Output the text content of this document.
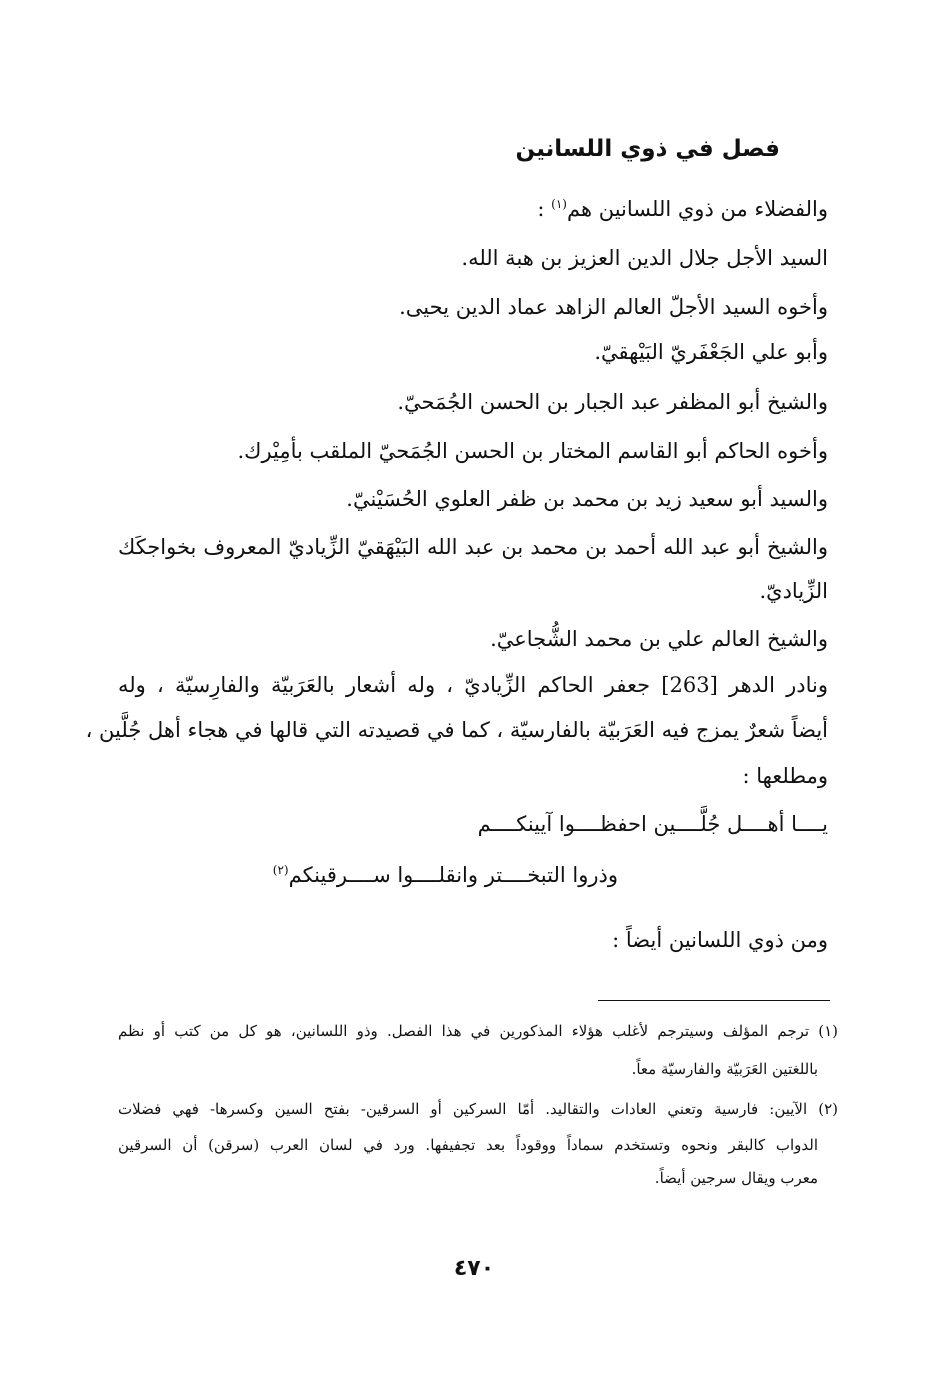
فصل في ذوي اللسانين
والفضلاء من ذوي اللسانين هم$^{(١)}$ :
السيد الأجل جلال الدين العزيز بن هبة الله.
وأخوه السيد الأجلّ العالم الزاهد عماد الدين يحيى.
وأبو علي الجَعْفَريّ البَيْهقيّ.
والشيخ أبو المظفر عبد الجبار بن الحسن الجُمَحيّ.
وأخوه الحاكم أبو القاسم المختار بن الحسن الجُمَحيّ الملقب بأمِيْرك.
والسيد أبو سعيد زيد بن محمد بن ظفر العلوي الحُسَيْنيّ.
والشيخ أبو عبد الله أحمد بن محمد بن عبد الله البَيْهَقيّ الزِّياديّ المعروف بخواجكَك
الزِّياديّ.
والشيخ العالم علي بن محمد الشُّجاعيّ.
ونادر الدهر [263] جعفر الحاكم الزِّياديّ ، وله أشعار بالعَرَبيّة والفارِسيّة ، وله
أيضاً شعرٌ يمزج فيه العَرَبيّة بالفارسيّة ، كما في قصيدته التي قالها في هجاء أهل جُلَّين ،
ومطلعها :
يــــا أهــــل جُلَّــــين احفظــــوا آيينكــــم
وذروا التبخــــتر وانقلــــوا ســــرقينكم$^{(٢)}$
ومن ذوي اللسانين أيضاً :
(١) ترجم المؤلف وسيترجم لأغلب هؤلاء المذكورين في هذا الفصل. وذو اللسانين، هو كل من كتب أو نظم
باللغتين العَرَبيّة والفارسيّة معاً.
(٢) الآيين: فارسية وتعني العادات والتقاليد. أمّا السركين أو السرقين- بفتح السين وكسرها- فهي فضلات
الدواب كالبقر ونحوه وتستخدم سماداً ووقوداً بعد تجفيفها. ورد في لسان العرب (سرقن) أن السرقين
معرب ويقال سرجين أيضاً.
٤٧٠
